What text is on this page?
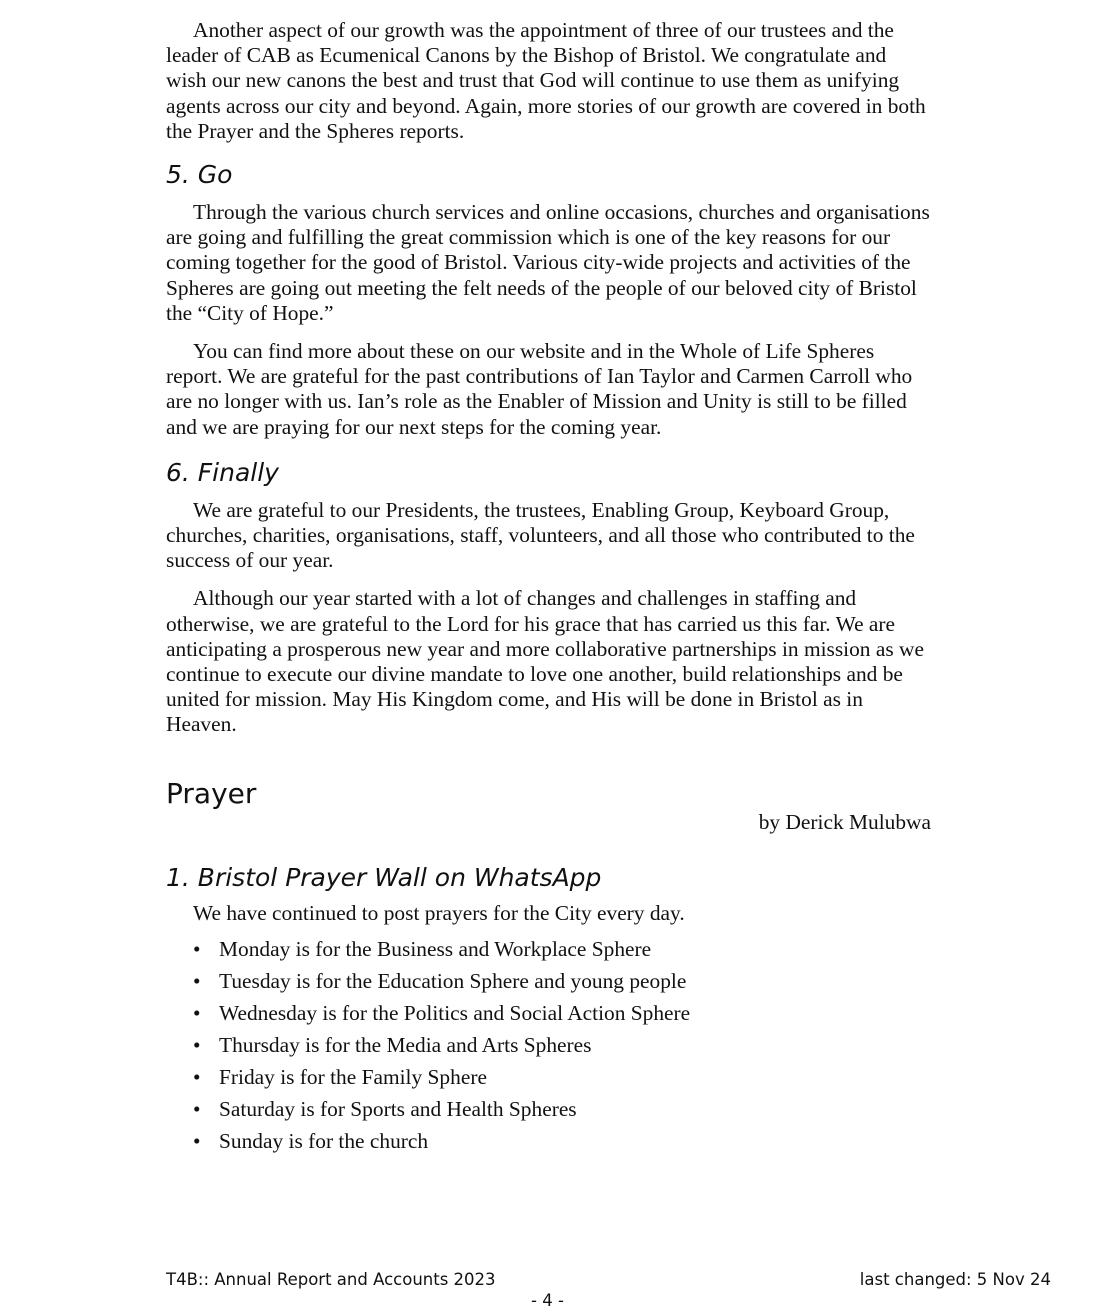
Another aspect of our growth was the appointment of three of our trustees and the leader of CAB as Ecumenical Canons by the Bishop of Bristol. We congratulate and wish our new canons the best and trust that God will continue to use them as unifying agents across our city and beyond. Again, more stories of our growth are covered in both the Prayer and the Spheres reports.

5. Go

Through the various church services and online occasions, churches and organisations are going and fulfilling the great commission which is one of the key reasons for our coming together for the good of Bristol. Various city-wide projects and activities of the Spheres are going out meeting the felt needs of the people of our beloved city of Bristol the “City of Hope.”

You can find more about these on our website and in the Whole of Life Spheres report. We are grateful for the past contributions of Ian Taylor and Carmen Carroll who are no longer with us. Ian’s role as the Enabler of Mission and Unity is still to be filled and we are praying for our next steps for the coming year.

6. Finally

We are grateful to our Presidents, the trustees, Enabling Group, Keyboard Group, churches, charities, organisations, staff, volunteers, and all those who contributed to the success of our year.

Although our year started with a lot of changes and challenges in staffing and otherwise, we are grateful to the Lord for his grace that has carried us this far. We are anticipating a prosperous new year and more collaborative partnerships in mission as we continue to execute our divine mandate to love one another, build relationships and be united for mission. May His Kingdom come, and His will be done in Bristol as in Heaven.

Prayer

by Derick Mulubwa

1. Bristol Prayer Wall on WhatsApp

We have continued to post prayers for the City every day.

• Monday is for the Business and Workplace Sphere
• Tuesday is for the Education Sphere and young people
• Wednesday is for the Politics and Social Action Sphere
• Thursday is for the Media and Arts Spheres
• Friday is for the Family Sphere
• Saturday is for Sports and Health Spheres
• Sunday is for the church
T4B:: Annual Report and Accounts 2023	last changed: 5 Nov 24
- 4 -
